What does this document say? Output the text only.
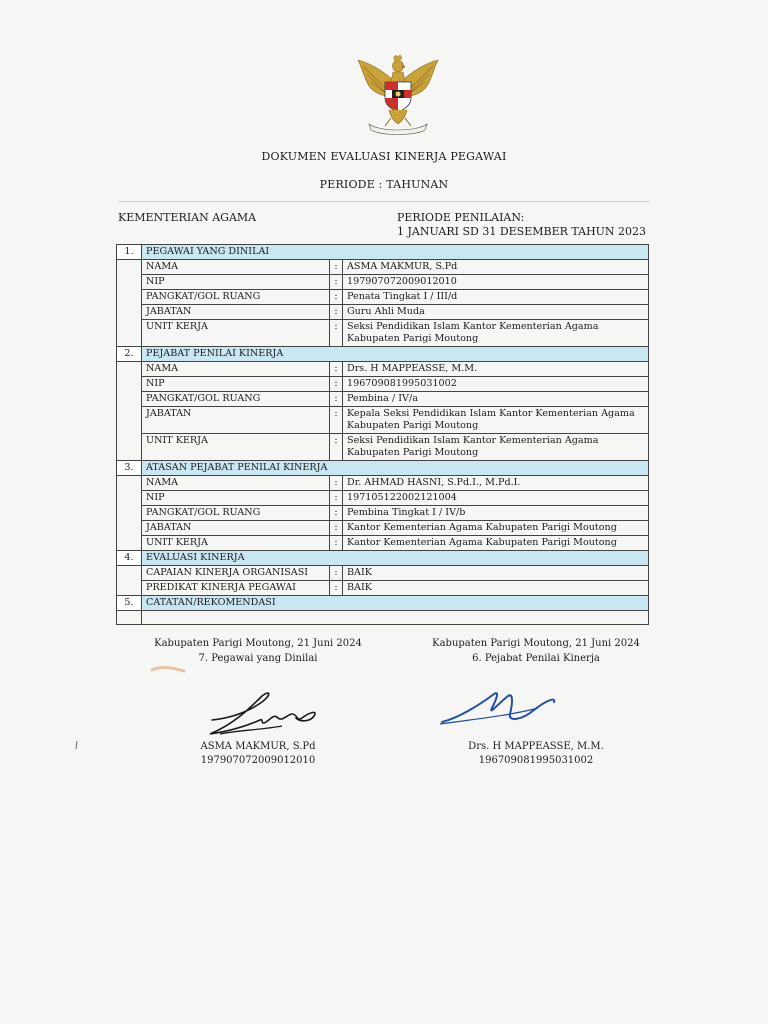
DOKUMEN EVALUASI KINERJA PEGAWAI
PERIODE : TAHUNAN
KEMENTERIAN AGAMA	PERIODE PENILAIAN:
1 JANUARI SD 31 DESEMBER TAHUN 2023
1.	PEGAWAI YANG DINILAI		
	NAMA	:	ASMA MAKMUR, S.Pd
	NIP	:	197907072009012010
	PANGKAT/GOL RUANG	:	Penata Tingkat I / III/d
	JABATAN	:	Guru Ahli Muda
	UNIT KERJA	:	Seksi Pendidikan Islam Kantor Kementerian Agama
Kabupaten Parigi Moutong

2.	PEJABAT PENILAI KINERJA		
	NAMA	:	Drs. H MAPPEASSE, M.M.
	NIP	:	196709081995031002
	PANGKAT/GOL RUANG	:	Pembina / IV/a
	JABATAN	:	Kepala Seksi Pendidikan Islam Kantor Kementerian Agama
Kabupaten Parigi Moutong

	UNIT KERJA	:	Seksi Pendidikan Islam Kantor Kementerian Agama
Kabupaten Parigi Moutong

3.	ATASAN PEJABAT PENILAI KINERJA		
	NAMA	:	Dr. AHMAD HASNI, S.Pd.I., M.Pd.I.
	NIP	:	197105122002121004
	PANGKAT/GOL RUANG	:	Pembina Tingkat I / IV/b
	JABATAN	:	Kantor Kementerian Agama Kabupaten Parigi Moutong
	UNIT KERJA	:	Kantor Kementerian Agama Kabupaten Parigi Moutong
4.	EVALUASI KINERJA		
	CAPAIAN KINERJA ORGANISASI	:	BAIK
	PREDIKAT KINERJA PEGAWAI	:	BAIK
5.	CATATAN/REKOMENDASI		

Kabupaten Parigi Moutong, 21 Juni 2024
7. Pegawai yang Dinilai
ASMA MAKMUR, S.Pd
197907072009012010
Kabupaten Parigi Moutong, 21 Juni 2024
6. Pejabat Penilai Kinerja
Drs. H MAPPEASSE, M.M.
196709081995031002
